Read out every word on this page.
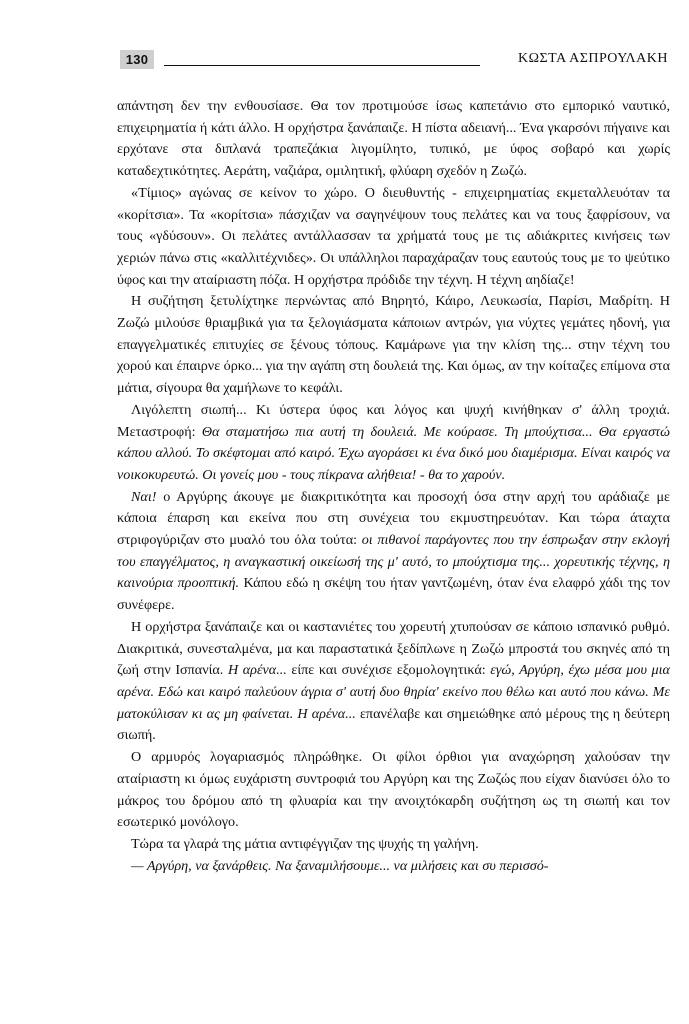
130	ΚΩΣΤΑ ΑΣΠΡΟΥΛΑΚΗ

απάντηση δεν την ενθουσίασε. Θα τον προτιμούσε ίσως καπετάνιο στο εμπορικό ναυτικό, επιχειρηματία ή κάτι άλλο. Η ορχήστρα ξανάπαιζε. Η πίστα αδειανή... Ένα γκαρσόνι πήγαινε και ερχότανε στα διπλανά τραπεζάκια λιγομίλητο, τυπικό, με ύφος σοβαρό και χωρίς καταδεχτικότητες. Αεράτη, ναζιάρα, ομιλητική, φλύαρη σχεδόν η Ζωζώ.

«Τίμιος» αγώνας σε κείνον το χώρο. Ο διευθυντής - επιχειρηματίας εκμεταλλευόταν τα «κορίτσια». Τα «κορίτσια» πάσχιζαν να σαγηνέψουν τους πελάτες και να τους ξαφρίσουν, να τους «γδύσουν». Οι πελάτες αντάλλασσαν τα χρήματά τους με τις αδιάκριτες κινήσεις των χεριών πάνω στις «καλλιτέχνιδες». Οι υπάλληλοι παραχάραζαν τους εαυτούς τους με το ψεύτικο ύφος και την αταίριαστη πόζα. Η ορχήστρα πρόδιδε την τέχνη. Η τέχνη αηδίαζε!

Η συζήτηση ξετυλίχτηκε περνώντας από Βηρητό, Κάιρο, Λευκωσία, Παρίσι, Μαδρίτη. Η Ζωζώ μιλούσε θριαμβικά για τα ξελογιάσματα κάποιων αντρών, για νύχτες γεμάτες ηδονή, για επαγγελματικές επιτυχίες σε ξένους τόπους. Καμάρωνε για την κλίση της... στην τέχνη του χορού και έπαιρνε όρκο... για την αγάπη στη δουλειά της. Και όμως, αν την κοίταζες επίμονα στα μάτια, σίγουρα θα χαμήλωνε το κεφάλι.

Λιγόλεπτη σιωπή... Κι ύστερα ύφος και λόγος και ψυχή κινήθηκαν σ' άλλη τροχιά. Μεταστροφή: Θα σταματήσω πια αυτή τη δουλειά. Με κούρασε. Τη μπούχτισα... Θα εργαστώ κάπου αλλού. Το σκέφτομαι από καιρό. Έχω αγοράσει κι ένα δικό μου διαμέρισμα. Είναι καιρός να νοικοκυρευτώ. Οι γονείς μου - τους πίκρανα αλήθεια! - θα το χαρούν.

Ναι! ο Αργύρης άκουγε με διακριτικότητα και προσοχή όσα στην αρχή του αράδιαζε με κάποια έπαρση και εκείνα που στη συνέχεια του εκμυστηρευόταν. Και τώρα άταχτα στριφογύριζαν στο μυαλό του όλα τούτα: οι πιθανοί παράγοντες που την έσπρωξαν στην εκλογή του επαγγέλματος, η αναγκαστική οικείωσή της μ' αυτό, το μπούχτισμα της... χορευτικής τέχνης, η καινούρια προοπτική. Κάπου εδώ η σκέψη του ήταν γαντζωμένη, όταν ένα ελαφρό χάδι της τον συνέφερε.

Η ορχήστρα ξανάπαιζε και οι καστανιέτες του χορευτή χτυπούσαν σε κάποιο ισπανικό ρυθμό. Διακριτικά, συνεσταλμένα, μα και παραστατικά ξεδίπλωνε η Ζωζώ μπροστά του σκηνές από τη ζωή στην Ισπανία. Η αρένα... είπε και συνέχισε εξομολογητικά: εγώ, Αργύρη, έχω μέσα μου μια αρένα. Εδώ και καιρό παλεύουν άγρια σ' αυτή δυο θηρία' εκείνο που θέλω και αυτό που κάνω. Με ματοκύλισαν κι ας μη φαίνεται. Η αρένα... επανέλαβε και σημειώθηκε από μέρους της η δεύτερη σιωπή.

Ο αρμυρός λογαριασμός πληρώθηκε. Οι φίλοι όρθιοι για αναχώρηση χαλούσαν την αταίριαστη κι όμως ευχάριστη συντροφιά του Αργύρη και της Ζωζώς που είχαν διανύσει όλο το μάκρος του δρόμου από τη φλυαρία και την ανοιχτόκαρδη συζήτηση ως τη σιωπή και τον εσωτερικό μονόλογο.

Τώρα τα γλαρά της μάτια αντιφέγγιζαν της ψυχής τη γαλήνη.

— Αργύρη, να ξανάρθεις. Να ξαναμιλήσουμε... να μιλήσεις και συ περισσό-
